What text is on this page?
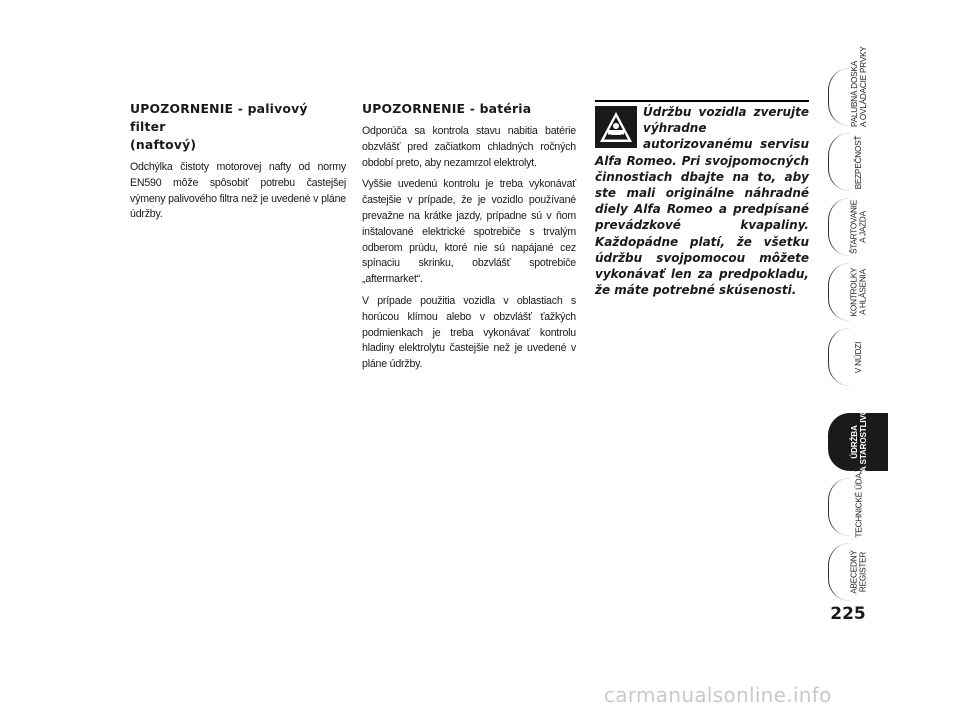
UPOZORNENIE - palivový filter
(naftový)

Odchýlka čistoty motorovej nafty od normy EN590 môže spôsobiť potrebu častejšej výmeny palivového filtra než je uvedené v pláne údržby.

UPOZORNENIE - batéria

Odporúča sa kontrola stavu nabitia batérie obzvlášť pred začiatkom chladných ročných období preto, aby nezamrzol elektrolyt.

Vyššie uvedenú kontrolu je treba vykonávať častejšie v prípade, že je vozidlo používané prevažne na krátke jazdy, prípadne sú v ňom inštalované elektrické spotrebiče s trvalým odberom prúdu, ktoré nie sú napájané cez spínaciu skrinku, obzvlášť spotrebiče „aftermarket“.

V prípade použitia vozidla v oblastiach s horúcou klímou alebo v obzvlášť ťažkých podmienkach je treba vykonávať kontrolu hladiny elektrolytu častejšie než je uvedené v pláne údržby.

Údržbu vozidla zverujte výhradne autorizovanému servisu Alfa Romeo. Pri svojpomocných činnostiach dbajte na to, aby ste mali originálne náhradné diely Alfa Romeo a predpísané prevádzkové kvapaliny. Každopádne platí, že všetku údržbu svojpomocou môžete vykonávať len za predpokladu, že máte potrebné skúsenosti.

PALUBNÁ DOSKA
A OVLÁDACIE PRVKY
BEZPEČNOSŤ
ŠTARTOVANIE
A JAZDA
KONTROLKY
A HLÁSENIA
V NÚDZI
ÚDRŽBA
A STAROSTLIVOSŤ
TECHNICKÉ ÚDAJE
ABECEDNÝ
REGISTER
225
carmanualsonline.info
